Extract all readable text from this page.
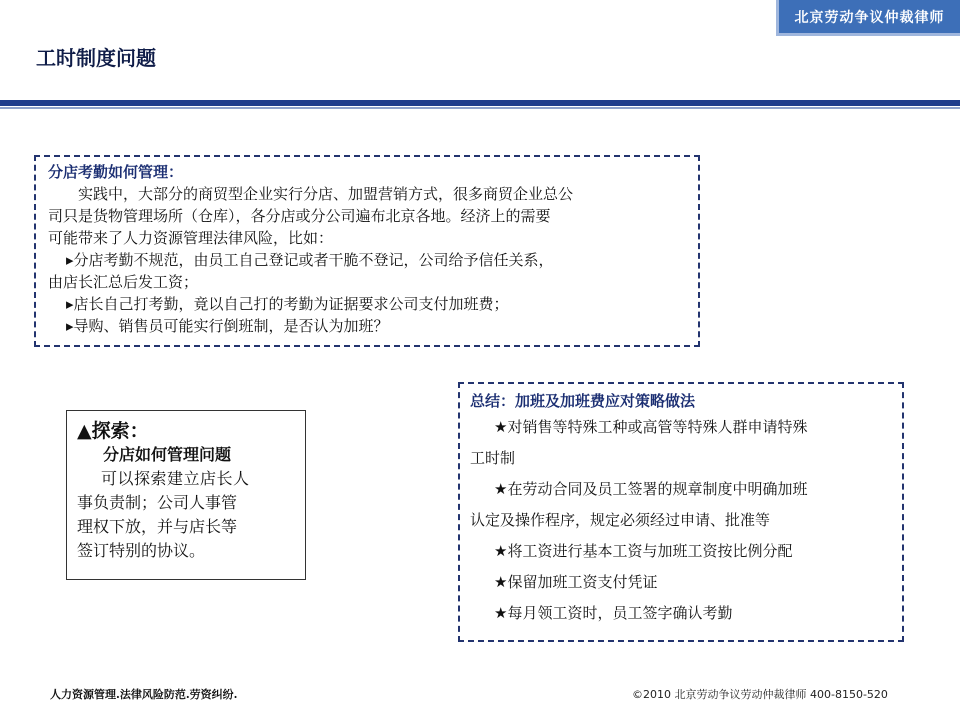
北京劳动争议仲裁律师
工时制度问题

分店考勤如何管理：

实践中，大部分的商贸型企业实行分店、加盟营销方式，很多商贸企业总公

司只是货物管理场所（仓库），各分店或分公司遍布北京各地。经济上的需要

可能带来了人力资源管理法律风险，比如：

▸分店考勤不规范，由员工自己登记或者干脆不登记，公司给予信任关系，

由店长汇总后发工资；

▸店长自己打考勤，竟以自己打的考勤为证据要求公司支付加班费；

▸导购、销售员可能实行倒班制，是否认为加班？

▲探索：
分店如何管理问题
可以探索建立店长人
事负责制；公司人事管
理权下放，并与店长等
签订特别的协议。
总结：加班及加班费应对策略做法
★对销售等特殊工种或高管等特殊人群申请特殊
工时制
★在劳动合同及员工签署的规章制度中明确加班
认定及操作程序，规定必须经过申请、批准等
★将工资进行基本工资与加班工资按比例分配
★保留加班工资支付凭证
★每月领工资时，员工签字确认考勤
人力资源管理.法律风险防范.劳资纠纷.	©2010 北京劳动争议劳动仲裁律师 400-8150-520
